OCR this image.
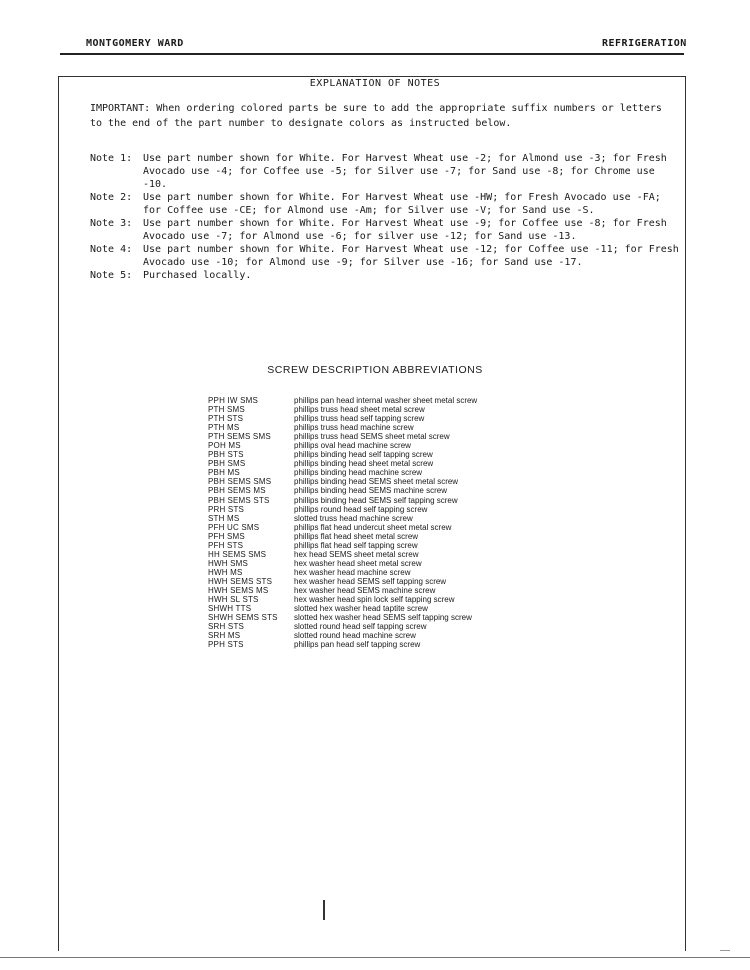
MONTGOMERY WARD	REFRIGERATION
EXPLANATION OF NOTES
IMPORTANT: When ordering colored parts be sure to add the appropriate suffix numbers or letters to the end of the part number to designate colors as instructed below.
Note 1:	Use part number shown for White. For Harvest Wheat use -2; for Almond use -3; for Fresh Avocado use -4; for Coffee use -5; for Silver use -7; for Sand use -8; for Chrome use -10.
Note 2:	Use part number shown for White. For Harvest Wheat use -HW; for Fresh Avocado use -FA; for Coffee use -CE; for Almond use -Am; for Silver use -V; for Sand use -S.
Note 3:	Use part number shown for White. For Harvest Wheat use -9; for Coffee use -8; for Fresh Avocado use -7; for Almond use -6; for silver use -12; for Sand use -13.
Note 4:	Use part number shown for White. For Harvest Wheat use -12; for Coffee use -11; for Fresh Avocado use -10; for Almond use -9; for Silver use -16; for Sand use -17.
Note 5:	Purchased locally.
SCREW DESCRIPTION ABBREVIATIONS
PPH IW SMS	phillips pan head internal washer sheet metal screw
PTH SMS	phillips truss head sheet metal screw
PTH STS	phillips truss head self tapping screw
PTH MS	phillips truss head machine screw
PTH SEMS SMS	phillips truss head SEMS sheet metal screw
POH MS	phillips oval head machine screw
PBH STS	phillips binding head self tapping screw
PBH SMS	phillips binding head sheet metal screw
PBH MS	phillips binding head machine screw
PBH SEMS SMS	phillips binding head SEMS sheet metal screw
PBH SEMS MS	phillips binding head SEMS machine screw
PBH SEMS STS	phillips binding head SEMS self tapping screw
PRH STS	phillips round head self tapping screw
STH MS	slotted truss head machine screw
PFH UC SMS	phillips flat head undercut sheet metal screw
PFH SMS	phillips flat head sheet metal screw
PFH STS	phillips flat head self tapping screw
HH SEMS SMS	hex head SEMS sheet metal screw
HWH SMS	hex washer head sheet metal screw
HWH MS	hex washer head machine screw
HWH SEMS STS	hex washer head SEMS self tapping screw
HWH SEMS MS	hex washer head SEMS machine screw
HWH SL STS	hex washer head spin lock self tapping screw
SHWH TTS	slotted hex washer head taptite screw
SHWH SEMS STS	slotted hex washer head SEMS self tapping screw
SRH STS	slotted round head self tapping screw
SRH MS	slotted round head machine screw
PPH STS	phillips pan head self tapping screw
